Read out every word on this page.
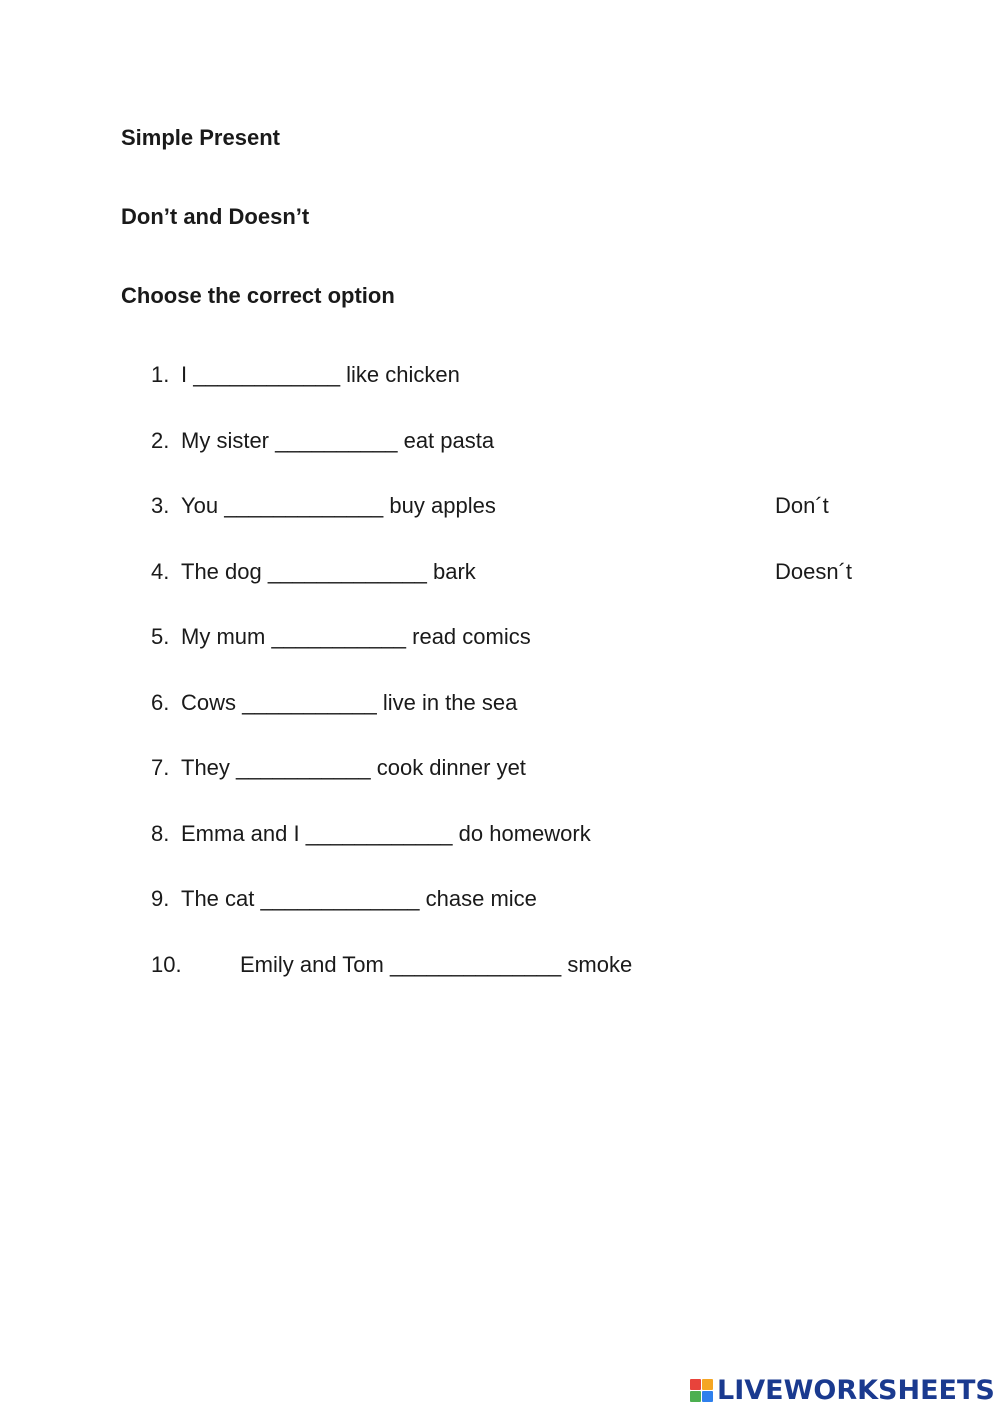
Simple Present
Don’t and Doesn’t
Choose the correct option
1. I ____________ like chicken
2. My sister __________ eat pasta
3. You _____________ buy apples
4. The dog _____________ bark
5. My mum ___________ read comics
6. Cows ___________ live in the sea
7. They ___________ cook dinner yet
8. Emma and I ____________ do homework
9. The cat _____________ chase mice
10.	Emily and Tom ______________ smoke
Don´t
Doesn´t
LIVEWORKSHEETS
